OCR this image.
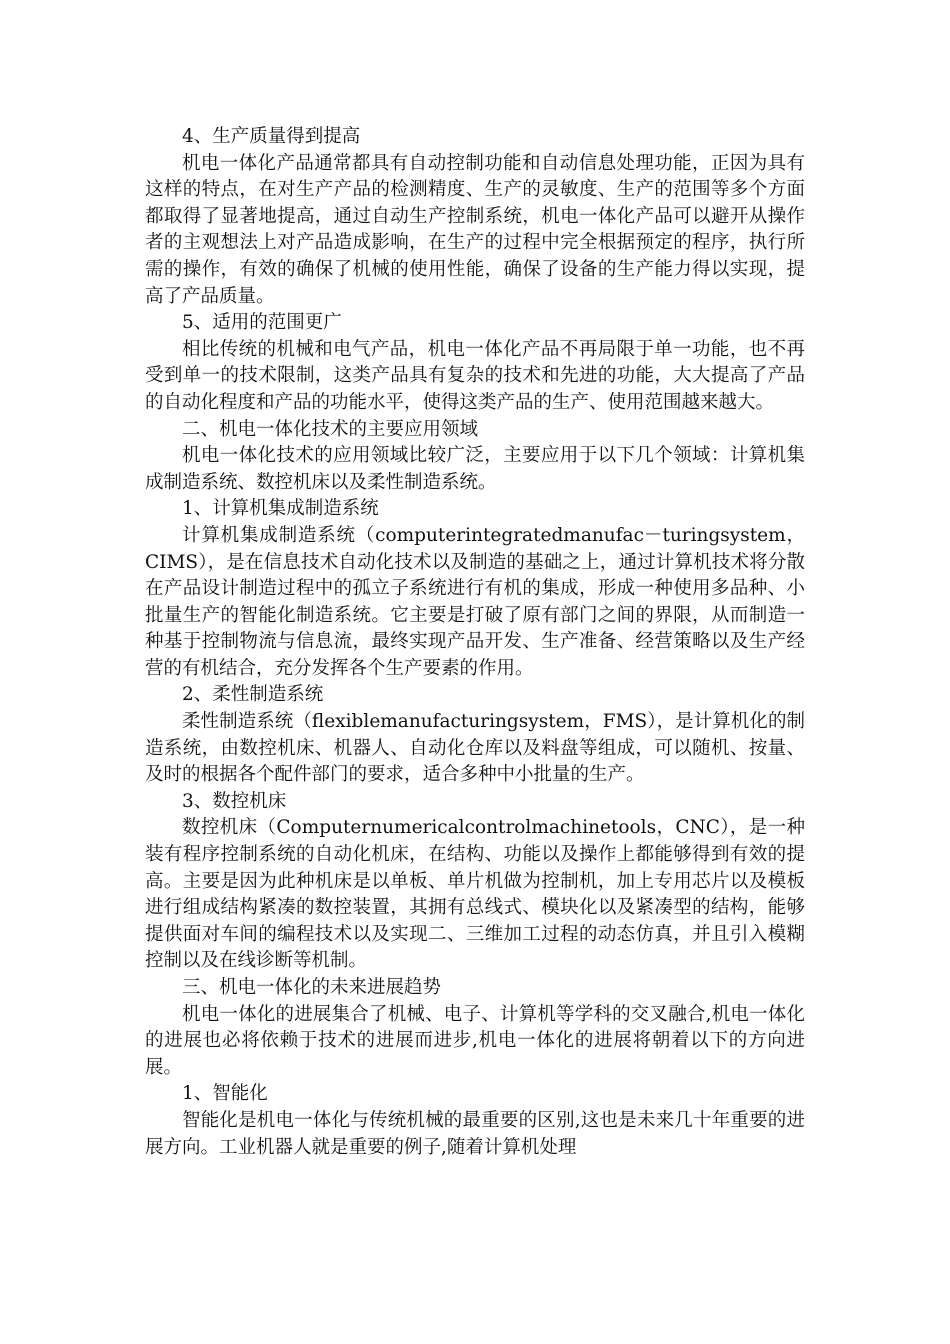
4、生产质量得到提高

机电一体化产品通常都具有自动控制功能和自动信息处理功能，正因为具有这样的特点，在对生产产品的检测精度、生产的灵敏度、生产的范围等多个方面都取得了显著地提高，通过自动生产控制系统，机电一体化产品可以避开从操作者的主观想法上对产品造成影响，在生产的过程中完全根据预定的程序，执行所需的操作，有效的确保了机械的使用性能，确保了设备的生产能力得以实现，提高了产品质量。

5、适用的范围更广

相比传统的机械和电气产品，机电一体化产品不再局限于单一功能，也不再受到单一的技术限制，这类产品具有复杂的技术和先进的功能，大大提高了产品的自动化程度和产品的功能水平，使得这类产品的生产、使用范围越来越大。

二、机电一体化技术的主要应用领域

机电一体化技术的应用领域比较广泛，主要应用于以下几个领域：计算机集成制造系统、数控机床以及柔性制造系统。

1、计算机集成制造系统

计算机集成制造系统（computerintegratedmanufac－turingsystem，CIMS），是在信息技术自动化技术以及制造的基础之上，通过计算机技术将分散在产品设计制造过程中的孤立子系统进行有机的集成，形成一种使用多品种、小批量生产的智能化制造系统。它主要是打破了原有部门之间的界限，从而制造一种基于控制物流与信息流，最终实现产品开发、生产准备、经营策略以及生产经营的有机结合，充分发挥各个生产要素的作用。

2、柔性制造系统

柔性制造系统（flexiblemanufacturingsystem，FMS），是计算机化的制造系统，由数控机床、机器人、自动化仓库以及料盘等组成，可以随机、按量、及时的根据各个配件部门的要求，适合多种中小批量的生产。

3、数控机床

数控机床（Computernumericalcontrolmachinetools，CNC），是一种装有程序控制系统的自动化机床，在结构、功能以及操作上都能够得到有效的提高。主要是因为此种机床是以单板、单片机做为控制机，加上专用芯片以及模板进行组成结构紧凑的数控装置，其拥有总线式、模块化以及紧凑型的结构，能够提供面对车间的编程技术以及实现二、三维加工过程的动态仿真，并且引入模糊控制以及在线诊断等机制。

三、机电一体化的未来进展趋势

机电一体化的进展集合了机械、电子、计算机等学科的交叉融合,机电一体化的进展也必将依赖于技术的进展而进步,机电一体化的进展将朝着以下的方向进展。

1、智能化

智能化是机电一体化与传统机械的最重要的区别,这也是未来几十年重要的进展方向。工业机器人就是重要的例子,随着计算机处理
